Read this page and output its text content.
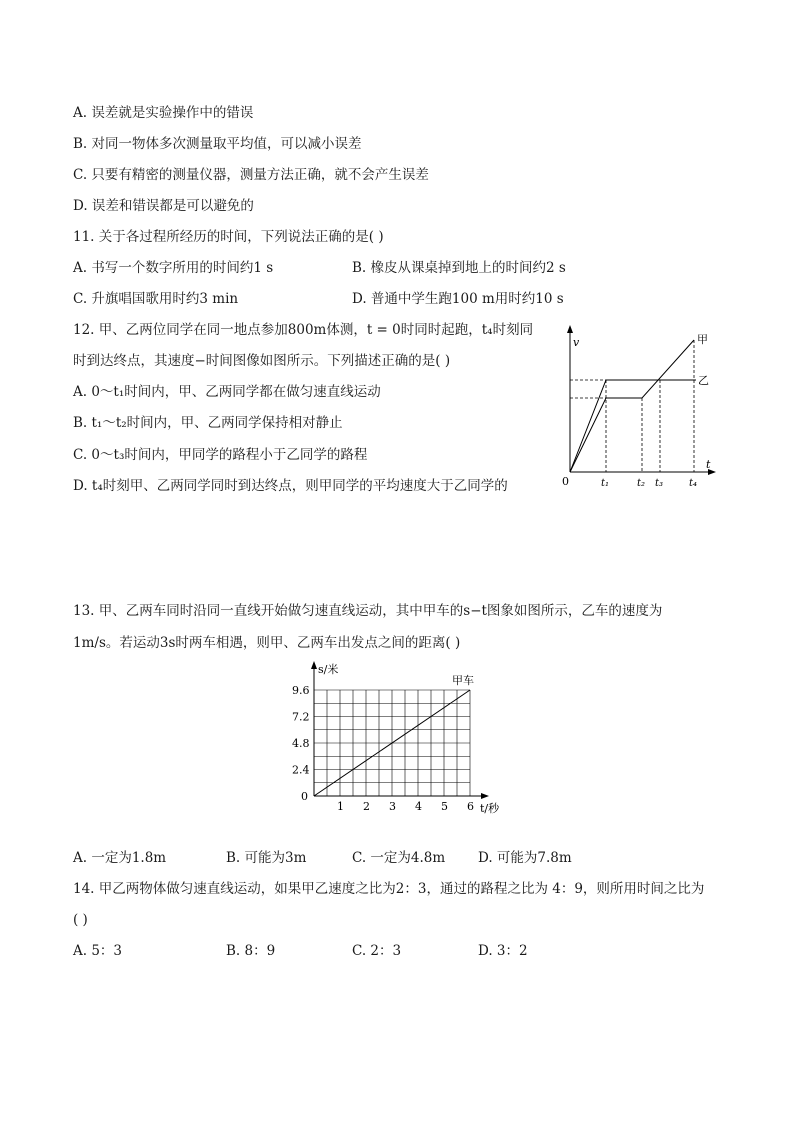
A. 误差就是实验操作中的错误
B. 对同一物体多次测量取平均值，可以减小误差
C. 只要有精密的测量仪器，测量方法正确，就不会产生误差
D. 误差和错误都是可以避免的
11. 关于各过程所经历的时间，下列说法正确的是( )
A. 书写一个数字所用的时间约1 s	B. 橡皮从课桌掉到地上的时间约2 s
C. 升旗唱国歌用时约3 min	D. 普通中学生跑100 m用时约10 s
12. 甲、乙两位同学在同一地点参加800m体测，t = 0时同时起跑，t₄时刻同
时到达终点，其速度−时间图像如图所示。下列描述正确的是( )
A. 0～t₁时间内，甲、乙两同学都在做匀速直线运动
B. t₁～t₂时间内，甲、乙两同学保持相对静止
C. 0～t₃时间内，甲同学的路程小于乙同学的路程
D. t₄时刻甲、乙两同学同时到达终点，则甲同学的平均速度大于乙同学的
v
t
0
甲
乙
t₁	t₂ t₃	t₄
13. 甲、乙两车同时沿同一直线开始做匀速直线运动，其中甲车的s−t图象如图所示，乙车的速度为
1m/s。若运动3s时两车相遇，则甲、乙两车出发点之间的距离( )
s/米
t/秒
0
1 2 3 4 5 6
2.4
4.8
7.2
9.6
甲车
A. 一定为1.8m	B. 可能为3m	C. 一定为4.8m D. 可能为7.8m
14. 甲乙两物体做匀速直线运动，如果甲乙速度之比为2：3，通过的路程之比为 4：9，则所用时间之比为
( )
A. 5：3	B. 8：9	C. 2：3	D. 3：2
